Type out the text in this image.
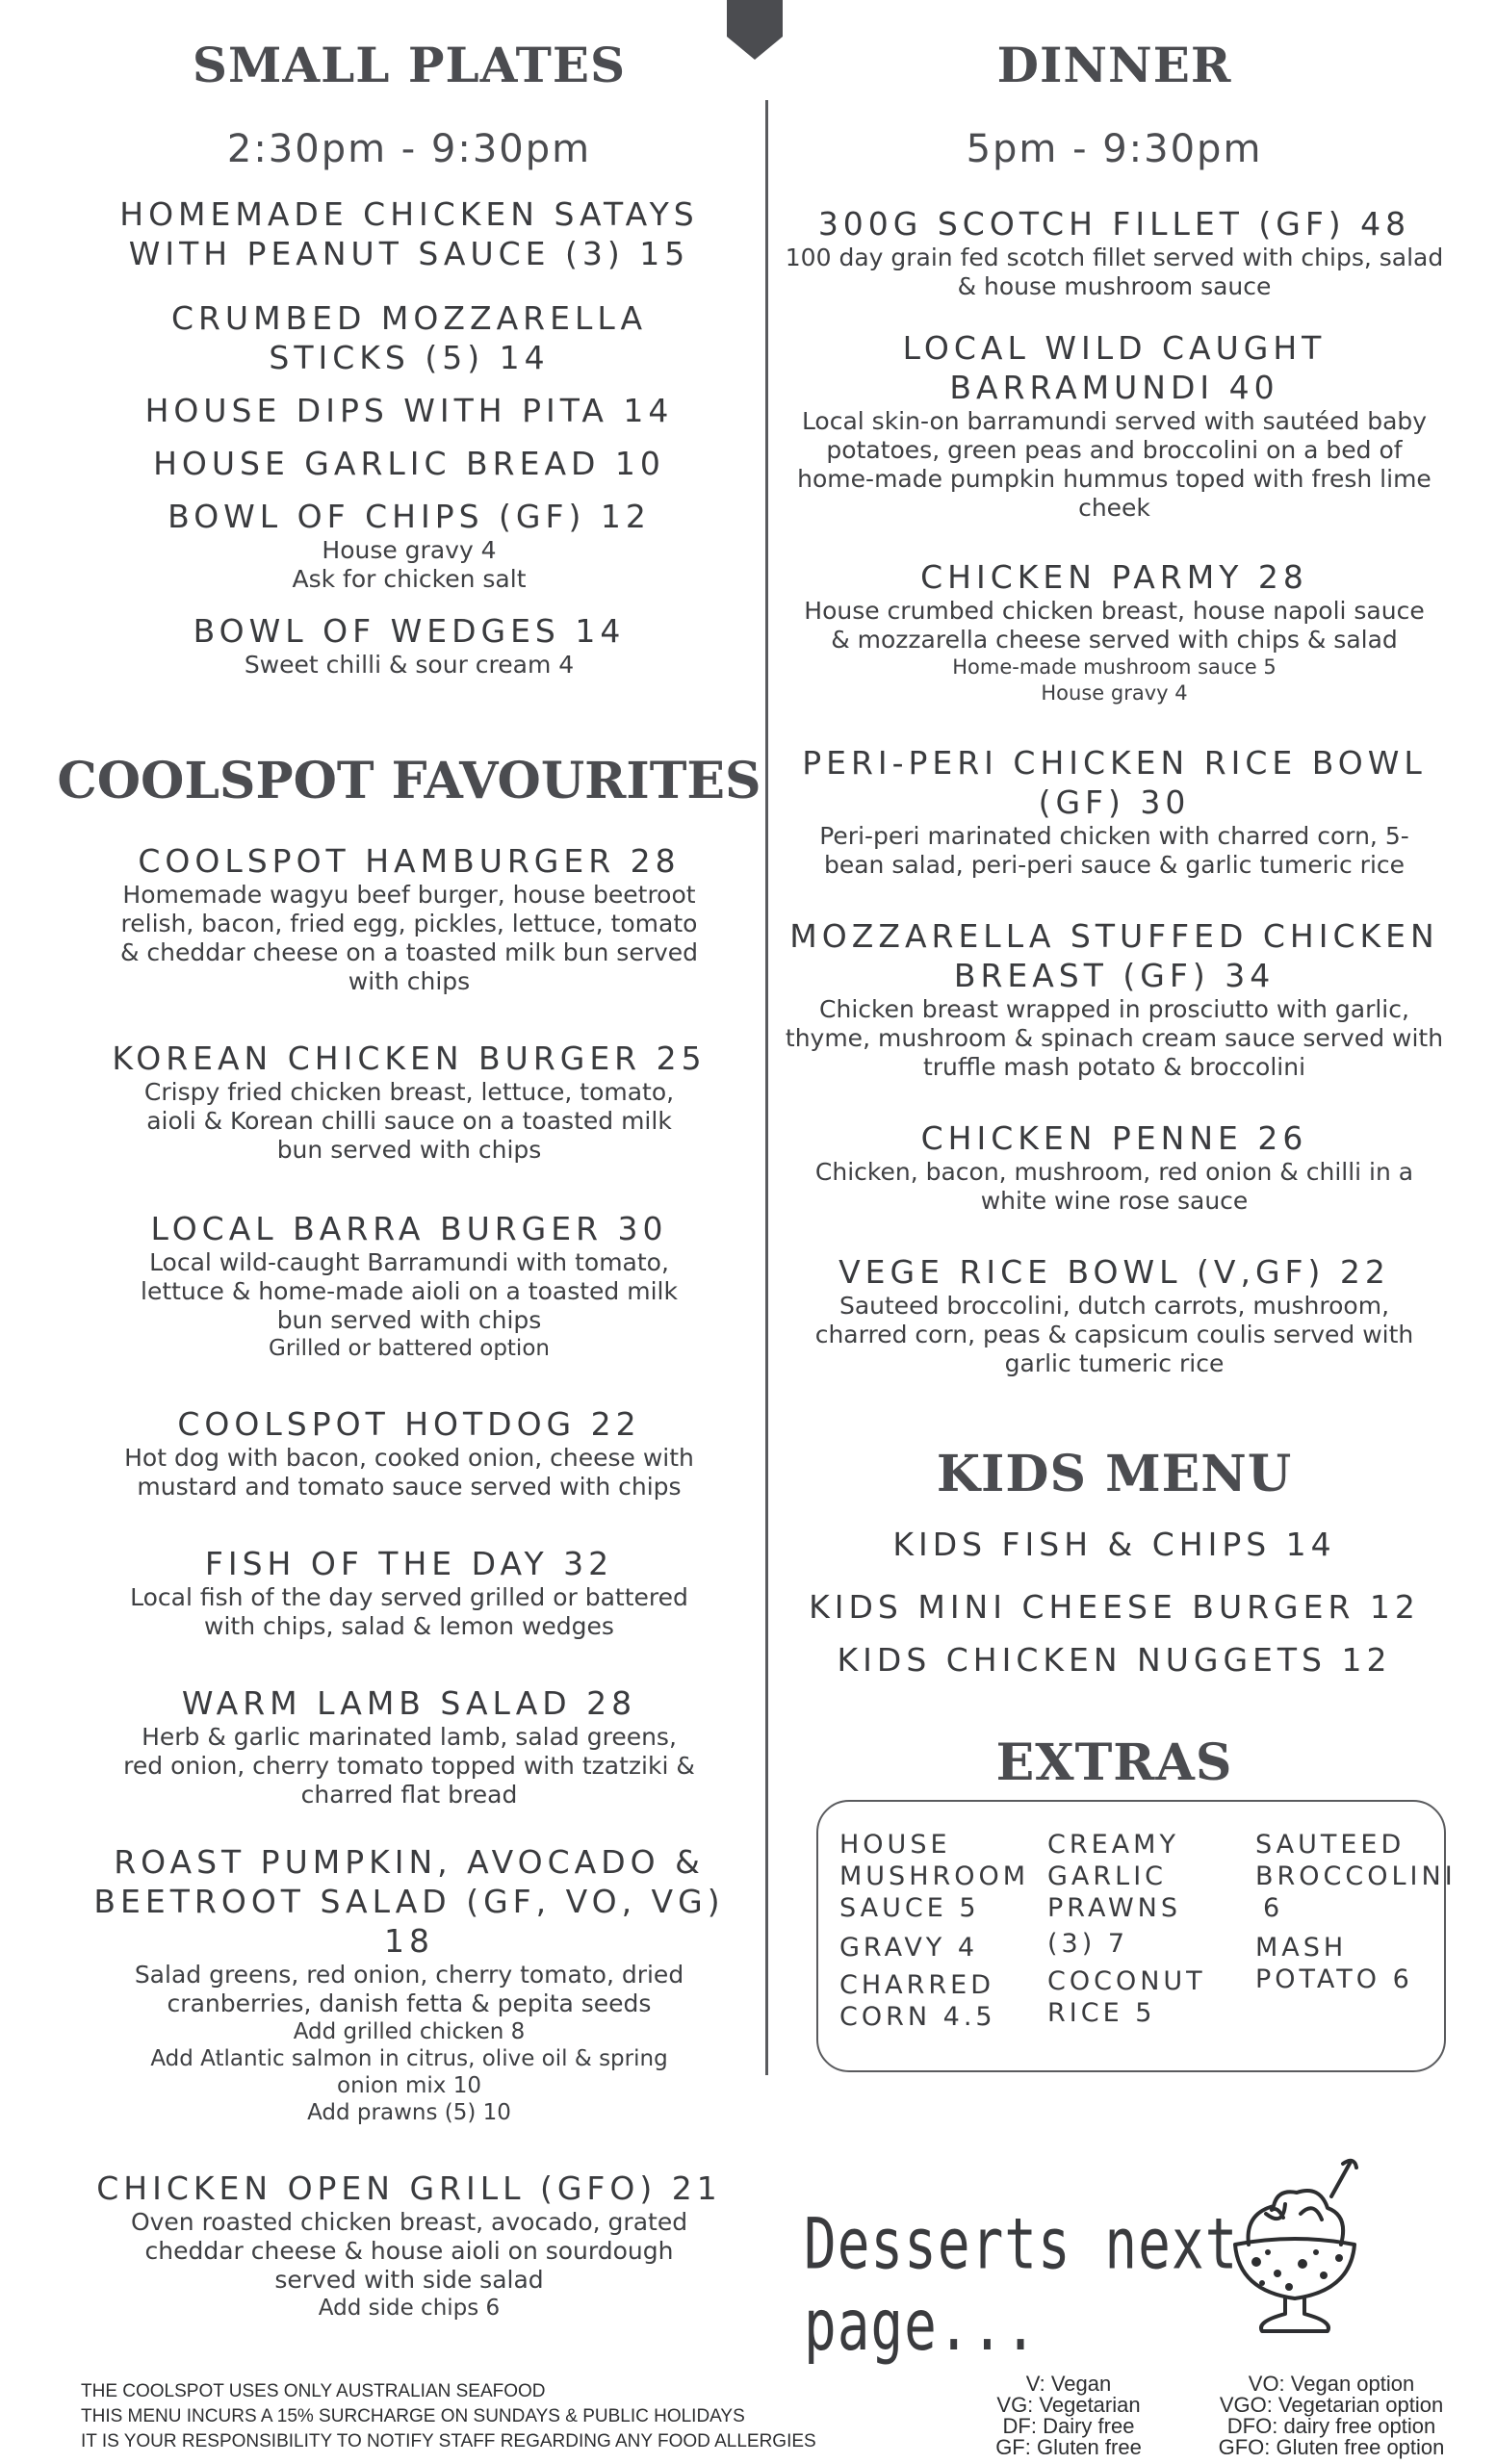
SMALL PLATES
2:30pm - 9:30pm
HOMEMADE CHICKEN SATAYS
WITH PEANUT SAUCE (3) 15
CRUMBED MOZZARELLA
STICKS (5) 14
HOUSE DIPS WITH PITA 14
HOUSE GARLIC BREAD 10
BOWL OF CHIPS (GF) 12
House gravy 4
Ask for chicken salt
BOWL OF WEDGES 14
Sweet chilli & sour cream 4
COOLSPOT FAVOURITES
COOLSPOT HAMBURGER 28
Homemade wagyu beef burger, house beetroot
relish, bacon, fried egg, pickles, lettuce, tomato
& cheddar cheese on a toasted milk bun served
with chips
KOREAN CHICKEN BURGER 25
Crispy fried chicken breast, lettuce, tomato,
aioli & Korean chilli sauce on a toasted milk
bun served with chips
LOCAL BARRA BURGER 30
Local wild-caught Barramundi with tomato,
lettuce & home-made aioli on a toasted milk
bun served with chips
Grilled or battered option
COOLSPOT HOTDOG 22
Hot dog with bacon, cooked onion, cheese with
mustard and tomato sauce served with chips
FISH OF THE DAY 32
Local fish of the day served grilled or battered
with chips, salad & lemon wedges
WARM LAMB SALAD 28
Herb & garlic marinated lamb, salad greens,
red onion, cherry tomato topped with tzatziki &
charred flat bread
ROAST PUMPKIN, AVOCADO &
BEETROOT SALAD (GF, VO, VG)
18
Salad greens, red onion, cherry tomato, dried
cranberries, danish fetta & pepita seeds
Add grilled chicken 8
Add Atlantic salmon in citrus, olive oil & spring
onion mix 10
Add prawns (5) 10
CHICKEN OPEN GRILL (GFO) 21
Oven roasted chicken breast, avocado, grated
cheddar cheese & house aioli on sourdough
served with side salad
Add side chips 6
DINNER
5pm - 9:30pm
300G SCOTCH FILLET (GF) 48
100 day grain fed scotch fillet served with chips, salad
& house mushroom sauce
LOCAL WILD CAUGHT
BARRAMUNDI 40
Local skin-on barramundi served with sautéed baby
potatoes, green peas and broccolini on a bed of
home-made pumpkin hummus toped with fresh lime
cheek
CHICKEN PARMY 28
House crumbed chicken breast, house napoli sauce
& mozzarella cheese served with chips & salad
Home-made mushroom sauce 5
House gravy 4
PERI-PERI CHICKEN RICE BOWL
(GF) 30
Peri-peri marinated chicken with charred corn, 5-
bean salad, peri-peri sauce & garlic tumeric rice
MOZZARELLA STUFFED CHICKEN
BREAST (GF) 34
Chicken breast wrapped in prosciutto with garlic,
thyme, mushroom & spinach cream sauce served with
truffle mash potato & broccolini
CHICKEN PENNE 26
Chicken, bacon, mushroom, red onion & chilli in a
white wine rose sauce
VEGE RICE BOWL (V,GF) 22
Sauteed broccolini, dutch carrots, mushroom,
charred corn, peas & capsicum coulis served with
garlic tumeric rice
KIDS MENU
KIDS FISH & CHIPS 14
KIDS MINI CHEESE BURGER 12
KIDS CHICKEN NUGGETS 12
EXTRAS
HOUSE
MUSHROOM
SAUCE 5
GRAVY 4
CHARRED
CORN 4.5
CREAMY
GARLIC
PRAWNS
(3) 7
COCONUT
RICE 5
SAUTEED
BROCCOLINI
6
MASH
POTATO 6
Desserts next page...
THE COOLSPOT USES ONLY AUSTRALIAN SEAFOOD
THIS MENU INCURS A 15% SURCHARGE ON SUNDAYS & PUBLIC HOLIDAYS
IT IS YOUR RESPONSIBILITY TO NOTIFY STAFF REGARDING ANY FOOD ALLERGIES
V: Vegan
VG: Vegetarian
DF: Dairy free
GF: Gluten free
VO: Vegan option
VGO: Vegetarian option
DFO: dairy free option
GFO: Gluten free option
